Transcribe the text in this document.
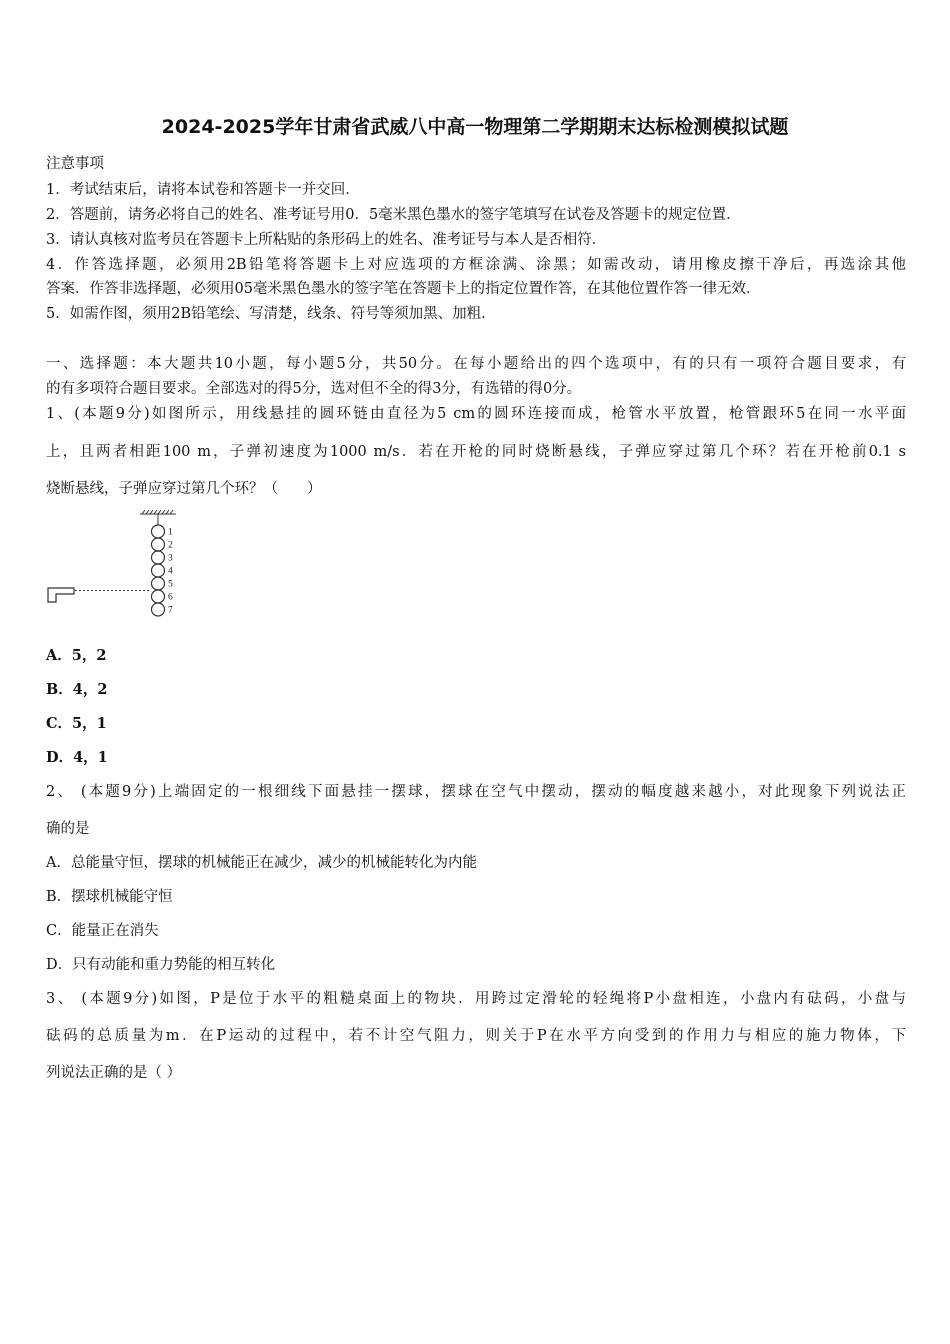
2024-2025学年甘肃省武威八中高一物理第二学期期末达标检测模拟试题
注意事项
1．考试结束后，请将本试卷和答题卡一并交回．
2．答题前，请务必将自己的姓名、准考证号用0．5毫米黑色墨水的签字笔填写在试卷及答题卡的规定位置．
3．请认真核对监考员在答题卡上所粘贴的条形码上的姓名、准考证号与本人是否相符．
4．作答选择题，必须用2B铅笔将答题卡上对应选项的方框涂满、涂黑；如需改动，请用橡皮擦干净后，再选涂其他
答案．作答非选择题，必须用05毫米黑色墨水的签字笔在答题卡上的指定位置作答，在其他位置作答一律无效．
5．如需作图，须用2B铅笔绘、写清楚，线条、符号等须加黑、加粗．
一、选择题：本大题共10小题，每小题5分，共50分。在每小题给出的四个选项中，有的只有一项符合题目要求，有
的有多项符合题目要求。全部选对的得5分，选对但不全的得3分，有选错的得0分。
1、(本题9分)如图所示，用线悬挂的圆环链由直径为5 cm的圆环连接而成，枪管水平放置，枪管跟环5在同一水平面
上，且两者相距100 m，子弹初速度为1000 m/s．若在开枪的同时烧断悬线，子弹应穿过第几个环？若在开枪前0.1 s
烧断悬线，子弹应穿过第几个环？（　　）
1
2
3
4
5
6
7
A．5，2
B．4，2
C．5，1
D．4，1
2、 (本题9分)上端固定的一根细线下面悬挂一摆球，摆球在空气中摆动，摆动的幅度越来越小，对此现象下列说法正
确的是
A．总能量守恒，摆球的机械能正在减少，减少的机械能转化为内能
B．摆球机械能守恒
C．能量正在消失
D．只有动能和重力势能的相互转化
3、 (本题9分)如图，P是位于水平的粗糙桌面上的物块．用跨过定滑轮的轻绳将P小盘相连，小盘内有砝码，小盘与
砝码的总质量为m．在P运动的过程中，若不计空气阻力，则关于P在水平方向受到的作用力与相应的施力物体，下
列说法正确的是（ ）
